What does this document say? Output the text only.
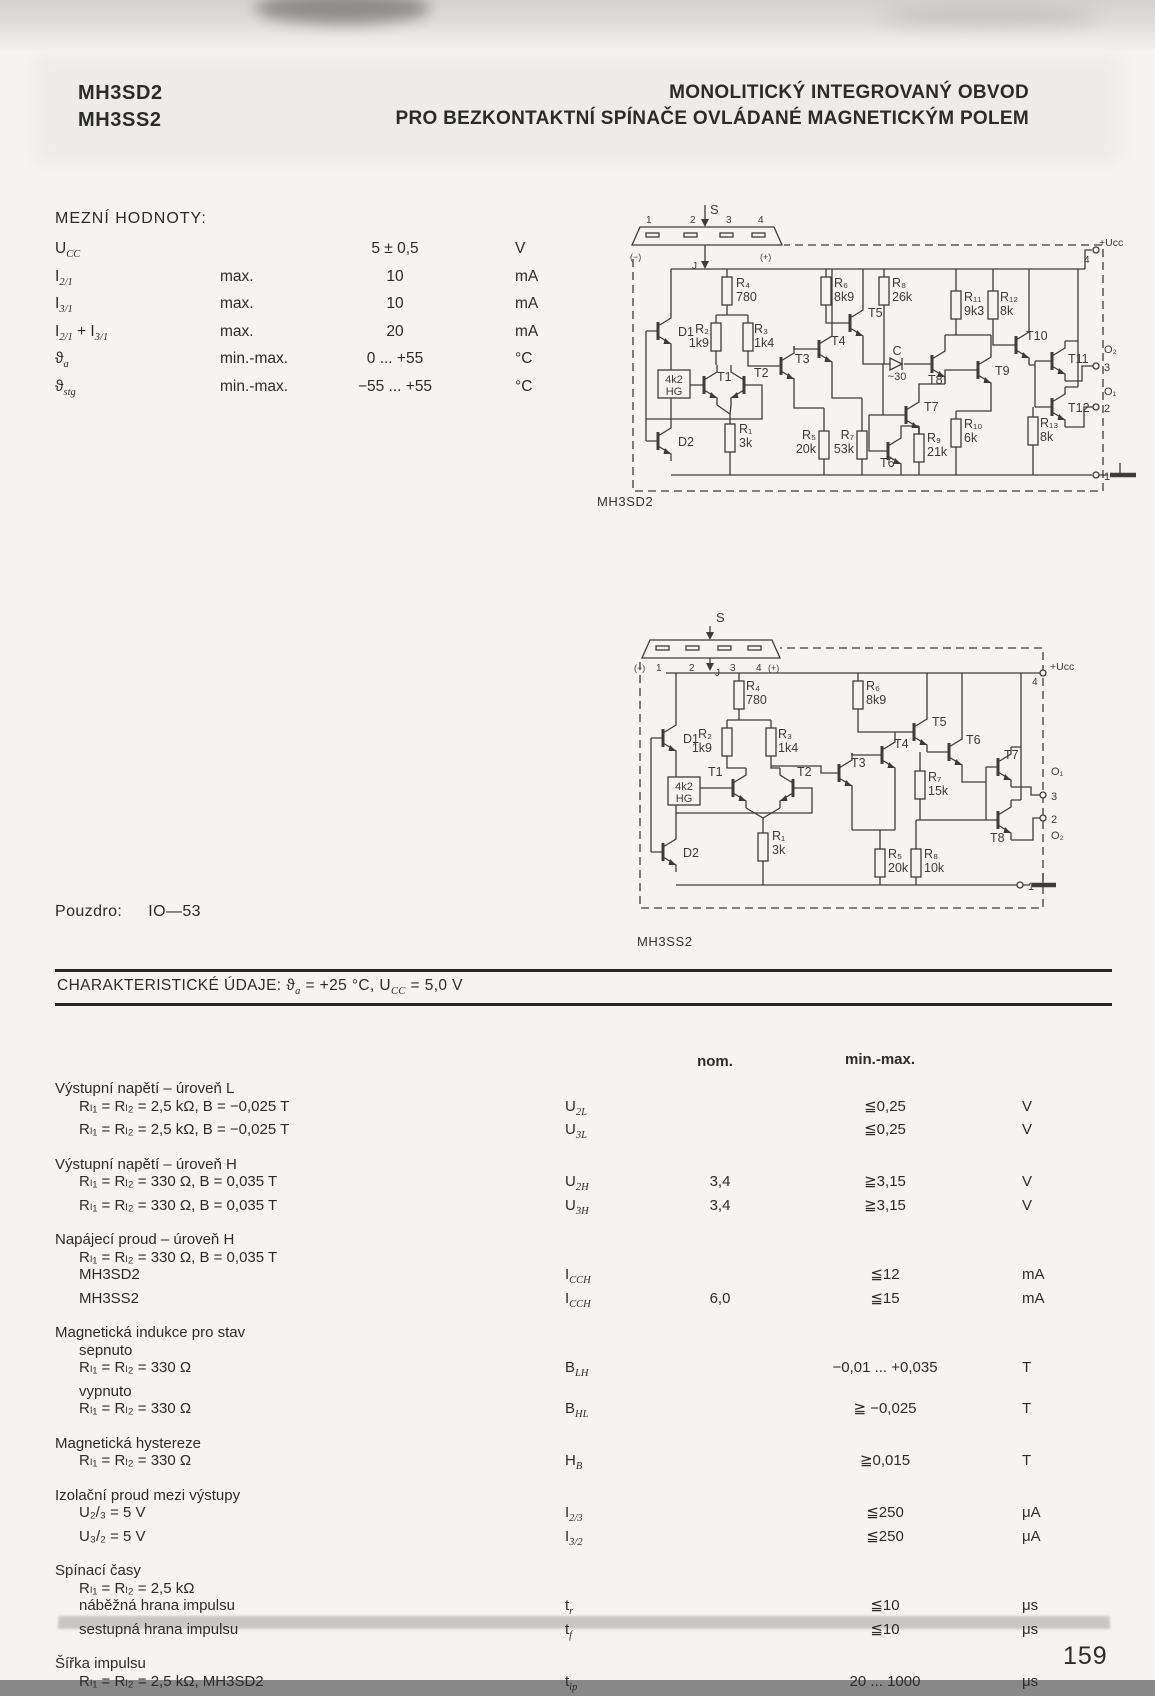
MH3SD2
MH3SS2
MONOLITICKÝ INTEGROVANÝ OBVOD
PRO BEZKONTAKTNÍ SPÍNAČE OVLÁDANÉ MAGNETICKÝM POLEM
MEZNÍ HODNOTY:
$U_{CC}$	5 ± 0,5	V
$I_{2/1}$	max.	10	mA
$I_{3/1}$	max.	10	mA
$I_{2/1} + I_{3/1}$	max.	20	mA
$ϑ_a$	min.-max.	0 ... +55	°C
$ϑ_{stg}$	min.-max.	−55 ... +55	°C
S
1	2	3	4
(−)	(+)
J
D1
D2
4k2
HG
T1 T2
T3
T4
R₄
780
R₂
1k9
R₃
1k4
R₁
3k
R₅
20k
R₇
53k
R₆
8k9
T5
R₈
26k
C
~30
T6
T7
R₉
21k
T8
T9
R₁₀
6k
R₁₁
9k3
R₁₂
8k
T10
T11
T12
R₁₃
8k
4
+Ucc
O₂
3
O₁
2
1
MH3SD2
S
(−) 1	2 J 3 4 (+)
D1
D2
4k2
HG
T1	T2
R₄
780
R₂
1k9
R₃
1k4
R₁
3k
T3
T4
T5
T6
R₆
8k9
R₇
15k
R₅
20k
R₈
10k
T7
T8
4
+Ucc
O₁
3
2
O₂
1
MH3SS2
Pouzdro: IO—53
CHARAKTERISTICKÉ ÚDAJE: $ϑ_a = +25$ °C, $U_{CC} = 5,0$ V
nom.	min.-max.
Výstupní napětí – úroveň L
Rₗ₁ = Rₗ₂ = 2,5 kΩ, B = −0,025 T	$U_{2L}$	≦0,25	V
Rₗ₁ = Rₗ₂ = 2,5 kΩ, B = −0,025 T	$U_{3L}$	≦0,25	V
Výstupní napětí – úroveň H
Rₗ₁ = Rₗ₂ = 330 Ω, B = 0,035 T	$U_{2H}$	3,4	≧3,15	V
Rₗ₁ = Rₗ₂ = 330 Ω, B = 0,035 T	$U_{3H}$	3,4	≧3,15	V
Napájecí proud – úroveň H
Rₗ₁ = Rₗ₂ = 330 Ω, B = 0,035 T
MH3SD2	$I_{CCH}$	≦12	mA
MH3SS2	$I_{CCH}$	6,0	≦15	mA
Magnetická indukce pro stav
sepnuto
Rₗ₁ = Rₗ₂ = 330 Ω	$B_{LH}$	−0,01 ... +0,035	T
vypnuto
Rₗ₁ = Rₗ₂ = 330 Ω	$B_{HL}$	≧ −0,025	T
Magnetická hystereze
Rₗ₁ = Rₗ₂ = 330 Ω	$H_B$	≧0,015	T
Izolační proud mezi výstupy
U₂/₃ = 5 V	$I_{2/3}$	≦250	μA
U₃/₂ = 5 V	$I_{3/2}$	≦250	μA
Spínací časy
Rₗ₁ = Rₗ₂ = 2,5 kΩ
náběžná hrana impulsu	$t_r$	≦10	μs
sestupná hrana impulsu	$t_f$	≦10	μs
Šířka impulsu
Rₗ₁ = Rₗ₂ = 2,5 kΩ, MH3SD2	$t_{ip}$	20 ... 1000	μs
159
